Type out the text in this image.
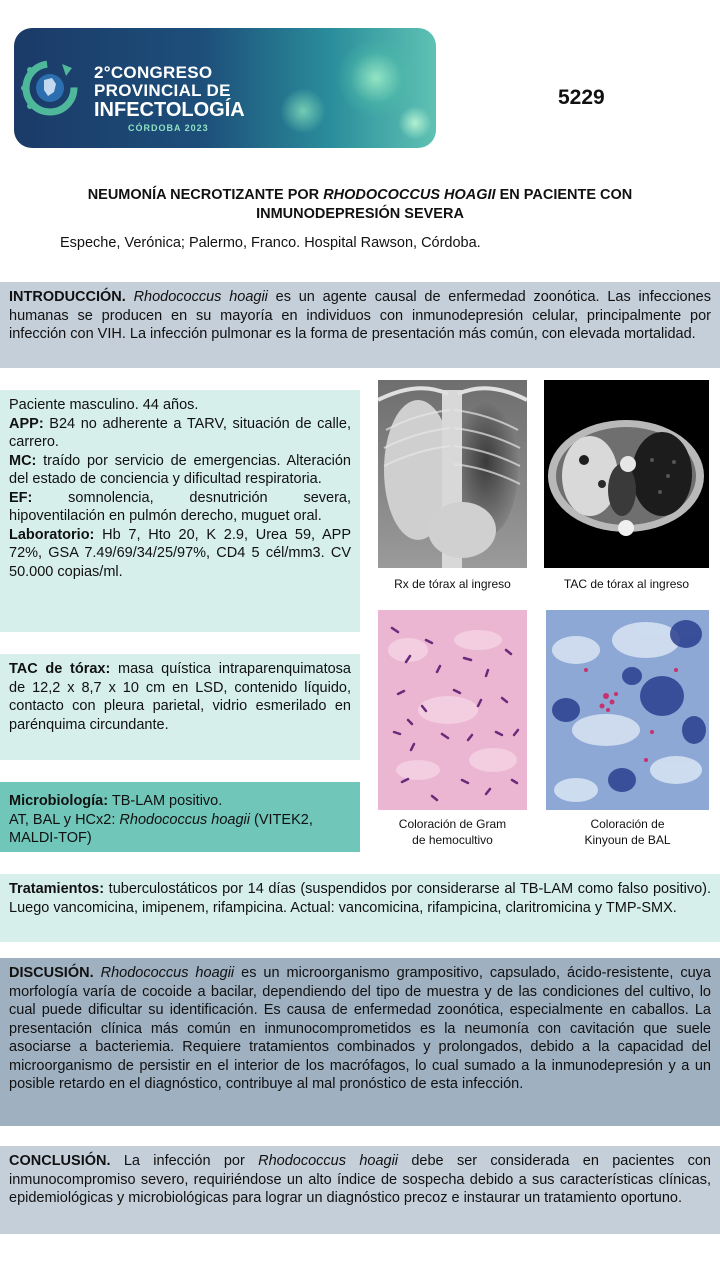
2°CONGRESO
PROVINCIAL DE
INFECTOLOGÍA
CÓRDOBA 2023
5229
NEUMONÍA NECROTIZANTE POR RHODOCOCCUS HOAGII EN PACIENTE CON INMUNODEPRESIÓN SEVERA
Espeche, Verónica; Palermo, Franco. Hospital Rawson, Córdoba.
INTRODUCCIÓN. Rhodococcus hoagii es un agente causal de enfermedad zoonótica. Las infecciones humanas se producen en su mayoría en individuos con inmunodepresión celular, principalmente por infección con VIH. La infección pulmonar es la forma de presentación más común, con elevada mortalidad.
Paciente masculino. 44 años.
APP: B24 no adherente a TARV, situación de calle, carrero.
MC: traído por servicio de emergencias. Alteración del estado de conciencia y dificultad respiratoria.
EF: somnolencia, desnutrición severa, hipoventilación en pulmón derecho, muguet oral.
Laboratorio: Hb 7, Hto 20, K 2.9, Urea 59, APP 72%, GSA 7.49/69/34/25/97%, CD4 5 cél/mm3. CV 50.000 copias/ml.
TAC de tórax: masa quística intraparenquimatosa de 12,2 x 8,7 x 10 cm en LSD, contenido líquido, contacto con pleura parietal, vidrio esmerilado en parénquima circundante.
Microbiología: TB-LAM positivo.
AT, BAL y HCx2: Rhodococcus hoagii (VITEK2, MALDI-TOF)
Rx de tórax al ingreso	TAC de tórax al ingreso
Coloración de Gram
de hemocultivo
Coloración de
Kinyoun de BAL
Tratamientos: tuberculostáticos por 14 días (suspendidos por considerarse al TB-LAM como falso positivo). Luego vancomicina, imipenem, rifampicina. Actual: vancomicina, rifampicina, claritromicina y TMP-SMX.
DISCUSIÓN. Rhodococcus hoagii es un microorganismo grampositivo, capsulado, ácido-resistente, cuya morfología varía de cocoide a bacilar, dependiendo del tipo de muestra y de las condiciones del cultivo, lo cual puede dificultar su identificación. Es causa de enfermedad zoonótica, especialmente en caballos. La presentación clínica más común en inmunocomprometidos es la neumonía con cavitación que suele asociarse a bacteriemia. Requiere tratamientos combinados y prolongados, debido a la capacidad del microorganismo de persistir en el interior de los macrófagos, lo cual sumado a la inmunodepresión y a un posible retardo en el diagnóstico, contribuye al mal pronóstico de esta infección.
CONCLUSIÓN. La infección por Rhodococcus hoagii debe ser considerada en pacientes con inmunocompromiso severo, requiriéndose un alto índice de sospecha debido a sus características clínicas, epidemiológicas y microbiológicas para lograr un diagnóstico precoz e instaurar un tratamiento oportuno.
